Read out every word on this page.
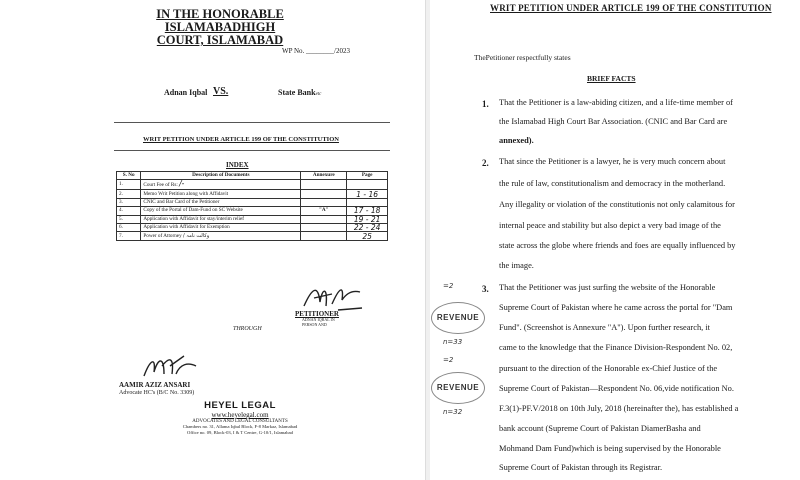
IN THE HONORABLE ISLAMABADHIGH
COURT, ISLAMABAD
WP No. ________/2023
Adnan Iqbal VS.	State Banketc
WRIT PETITION UNDER ARTICLE 199 OF THE CONSTITUTION
INDEX
S. No	Description of Documents	Annexure	Page
1.	Court Fee of Rs: /-		
2.	Memo Writ Petition along with Affidavit		1 - 16
3.	CNIC and Bar Card of the Petitioner		
4.	Copy of the Portal of Dam-Fund on SC Website	"A"	17 - 18
5.	Application with Affidavit for stay/interim relief		19 - 21
6.	Application with Affidavit for Exemption		22 - 24
7.	Power of Attorney / وکالت نامہ		25
PETITIONER
ADNAN IQBAL IN
PERSON AND
THROUGH
AAMIR AZIZ ANSARI
Advocate HC's (B/C No. 3309)
HEYEL LEGAL
www.heyelegal.com
ADVOCATES AND LEGAL CONSULTANTS
Chambers no. 31, Allama Iqbal Block, F-8 Markaz, Islamabad
Office no. 09, Block-03, I & T Centre, G-10/1, Islamabad
WRIT PETITION UNDER ARTICLE 199 OF THE CONSTITUTION
ThePetitioner respectfully states
BRIEF FACTS
1. That the Petitioner is a law-abiding citizen, and a life-time member of
the Islamabad High Court Bar Association. (CNIC and Bar Card are
annexed).
2. That since the Petitioner is a lawyer, he is very much concern about
the rule of law, constitutionalism and democracy in the motherland.
Any illegality or violation of the constitutionis not only calamitous for
internal peace and stability but also depict a very bad image of the
state across the globe where friends and foes are equally influenced by
the image.
3. That the Petitioner was just surfing the website of the Honorable
Supreme Court of Pakistan where he came across the portal for "Dam
Fund". (Screenshot is Annexure "A"). Upon further research, it
came to the knowledge that the Finance Division-Respondent No. 02,
pursuant to the direction of the Honorable ex-Chief Justice of the
Supreme Court of Pakistan—Respondent No. 06,vide notification No.
F.3(1)-PF.V/2018 on 10th July, 2018 (hereinafter the), has established a
bank account (Supreme Court of Pakistan DiamerBasha and
Mohmand Dam Fund)which is being supervised by the Honorable
Supreme Court of Pakistan through its Registrar.
=2
REVENUE
n=33
=2
REVENUE
n=32
